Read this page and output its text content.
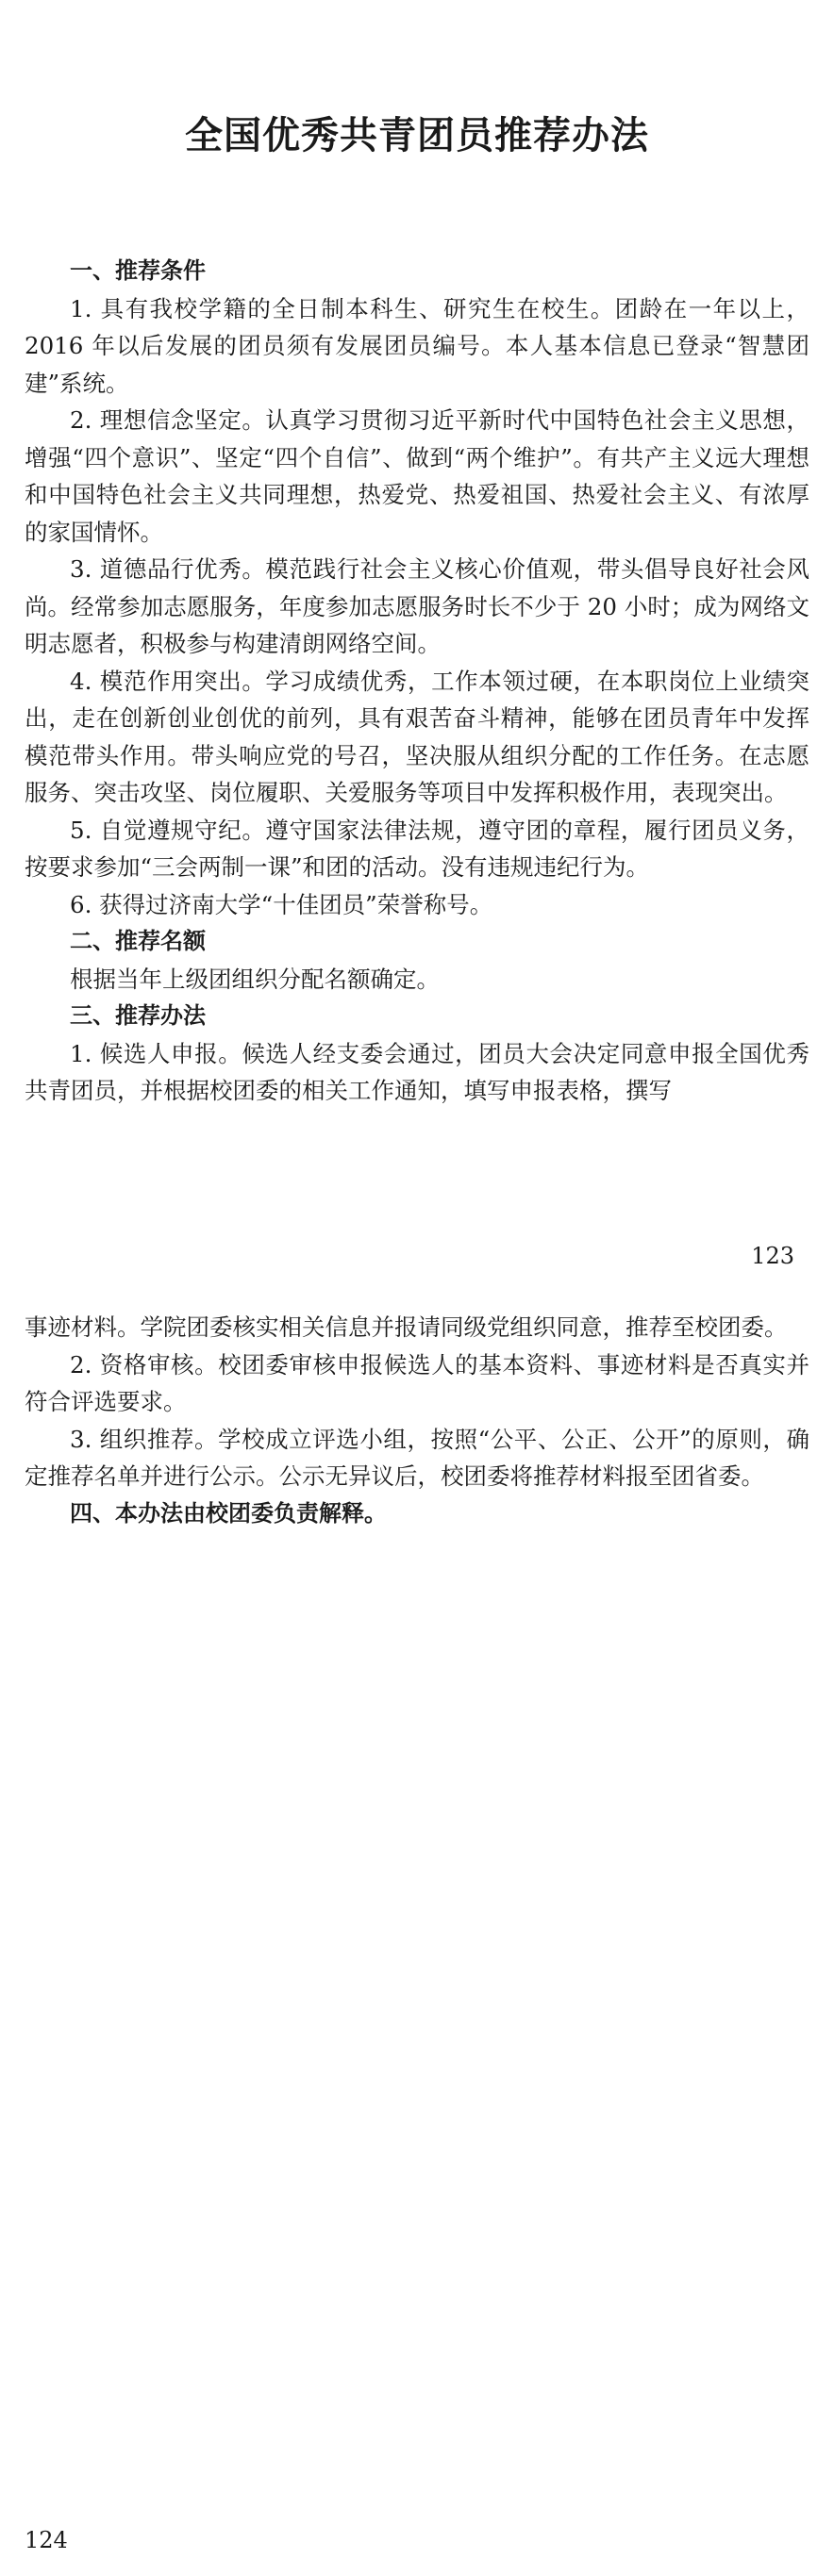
全国优秀共青团员推荐办法

一、推荐条件

1. 具有我校学籍的全日制本科生、研究生在校生。团龄在一年以上，2016 年以后发展的团员须有发展团员编号。本人基本信息已登录“智慧团建”系统。

2. 理想信念坚定。认真学习贯彻习近平新时代中国特色社会主义思想，增强“四个意识”、坚定“四个自信”、做到“两个维护”。有共产主义远大理想和中国特色社会主义共同理想，热爱党、热爱祖国、热爱社会主义、有浓厚的家国情怀。

3. 道德品行优秀。模范践行社会主义核心价值观，带头倡导良好社会风尚。经常参加志愿服务，年度参加志愿服务时长不少于 20 小时；成为网络文明志愿者，积极参与构建清朗网络空间。

4. 模范作用突出。学习成绩优秀，工作本领过硬，在本职岗位上业绩突出，走在创新创业创优的前列，具有艰苦奋斗精神，能够在团员青年中发挥模范带头作用。带头响应党的号召，坚决服从组织分配的工作任务。在志愿服务、突击攻坚、岗位履职、关爱服务等项目中发挥积极作用，表现突出。

5. 自觉遵规守纪。遵守国家法律法规，遵守团的章程，履行团员义务，按要求参加“三会两制一课”和团的活动。没有违规违纪行为。

6. 获得过济南大学“十佳团员”荣誉称号。

二、推荐名额

根据当年上级团组织分配名额确定。

三、推荐办法

1. 候选人申报。候选人经支委会通过，团员大会决定同意申报全国优秀共青团员，并根据校团委的相关工作通知，填写申报表格，撰写

123

事迹材料。学院团委核实相关信息并报请同级党组织同意，推荐至校团委。

2. 资格审核。校团委审核申报候选人的基本资料、事迹材料是否真实并符合评选要求。

3. 组织推荐。学校成立评选小组，按照“公平、公正、公开”的原则，确定推荐名单并进行公示。公示无异议后，校团委将推荐材料报至团省委。

四、本办法由校团委负责解释。

124
